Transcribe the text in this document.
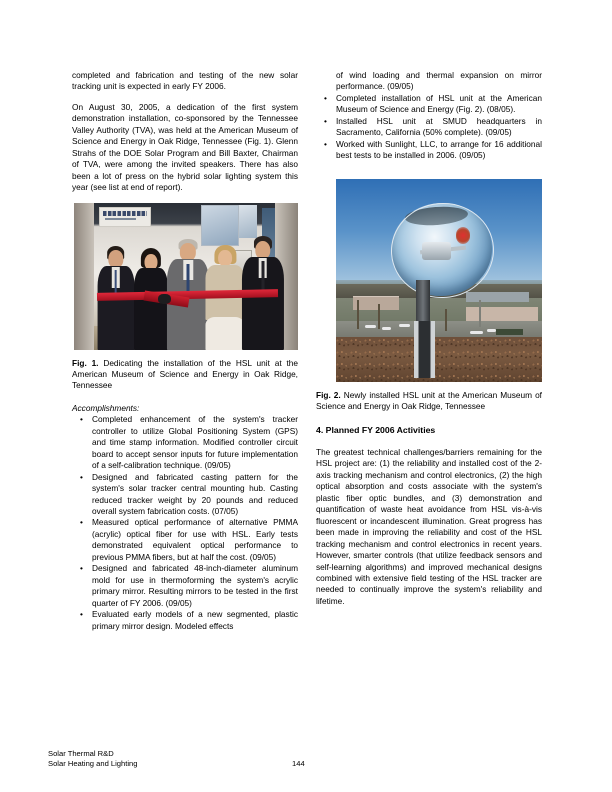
completed and fabrication and testing of the new solar tracking unit is expected in early FY 2006.

On August 30, 2005, a dedication of the first system demonstration installation, co-sponsored by the Tennessee Valley Authority (TVA), was held at the American Museum of Science and Energy in Oak Ridge, Tennessee (Fig. 1). Glenn Strahs of the DOE Solar Program and Bill Baxter, Chairman of TVA, were among the invited speakers. There has also been a lot of press on the hybrid solar lighting system this year (see list at end of report).

Fig. 1. Dedicating the installation of the HSL unit at the American Museum of Science and Energy in Oak Ridge, Tennessee

Accomplishments:

• Completed enhancement of the system's tracker controller to utilize Global Positioning System (GPS) and time stamp information. Modified controller circuit board to accept sensor inputs for future implementation of a self-calibration technique. (09/05)
• Designed and fabricated casting pattern for the system's solar tracker central mounting hub. Casting reduced tracker weight by 20 pounds and reduced overall system fabrication costs. (07/05)
• Measured optical performance of alternative PMMA (acrylic) optical fiber for use with HSL. Early tests demonstrated equivalent optical performance to previous PMMA fibers, but at half the cost. (09/05)
• Designed and fabricated 48-inch-diameter aluminum mold for use in thermoforming the system's acrylic primary mirror. Resulting mirrors to be tested in the first quarter of FY 2006. (09/05)
• Evaluated early models of a new segmented, plastic primary mirror design. Modeled effects
of wind loading and thermal expansion on mirror performance. (09/05)
• Completed installation of HSL unit at the American Museum of Science and Energy (Fig. 2). (08/05).
• Installed HSL unit at SMUD headquarters in Sacramento, California (50% complete). (09/05)
• Worked with Sunlight, LLC, to arrange for 16 additional best tests to be installed in 2006. (09/05)

Fig. 2. Newly installed HSL unit at the American Museum of Science and Energy in Oak Ridge, Tennessee

4. Planned FY 2006 Activities

The greatest technical challenges/barriers remaining for the HSL project are: (1) the reliability and installed cost of the 2-axis tracking mechanism and control electronics, (2) the high optical absorption and costs associate with the system's plastic fiber optic bundles, and (3) demonstration and quantification of waste heat avoidance from HSL vis-à-vis fluorescent or incandescent illumination. Great progress has been made in improving the reliability and cost of the HSL tracking mechanism and control electronics in recent years. However, smarter controls (that utilize feedback sensors and self-learning algorithms) and improved mechanical designs combined with extensive field testing of the HSL tracker are needed to continually improve the system's reliability and lifetime.

Solar Thermal R&D
Solar Heating and Lighting	144
